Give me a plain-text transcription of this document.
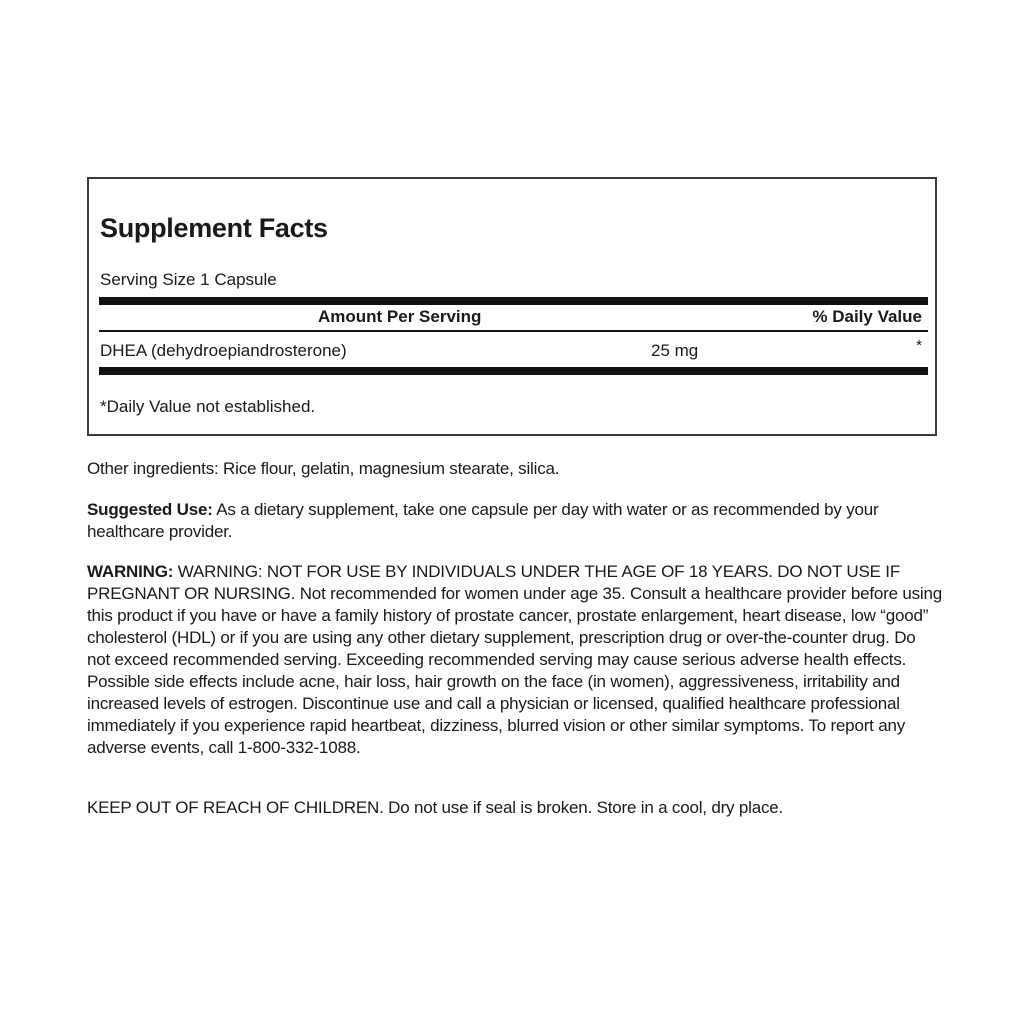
Supplement Facts
Serving Size 1 Capsule
Amount Per Serving	% Daily Value
DHEA (dehydroepiandrosterone)	25 mg	*
*Daily Value not established.
Other ingredients: Rice flour, gelatin, magnesium stearate, silica.
Suggested Use: As a dietary supplement, take one capsule per day with water or as recommended by your healthcare provider.
WARNING: WARNING: NOT FOR USE BY INDIVIDUALS UNDER THE AGE OF 18 YEARS. DO NOT USE IF PREGNANT OR NURSING. Not recommended for women under age 35. Consult a healthcare provider before using this product if you have or have a family history of prostate cancer, prostate enlargement, heart disease, low “good” cholesterol (HDL) or if you are using any other dietary supplement, prescription drug or over-the-counter drug. Do not exceed recommended serving. Exceeding recommended serving may cause serious adverse health effects. Possible side effects include acne, hair loss, hair growth on the face (in women), aggressiveness, irritability and increased levels of estrogen. Discontinue use and call a physician or licensed, qualified healthcare professional immediately if you experience rapid heartbeat, dizziness, blurred vision or other similar symptoms. To report any adverse events, call 1-800-332-1088.
KEEP OUT OF REACH OF CHILDREN. Do not use if seal is broken. Store in a cool, dry place.
